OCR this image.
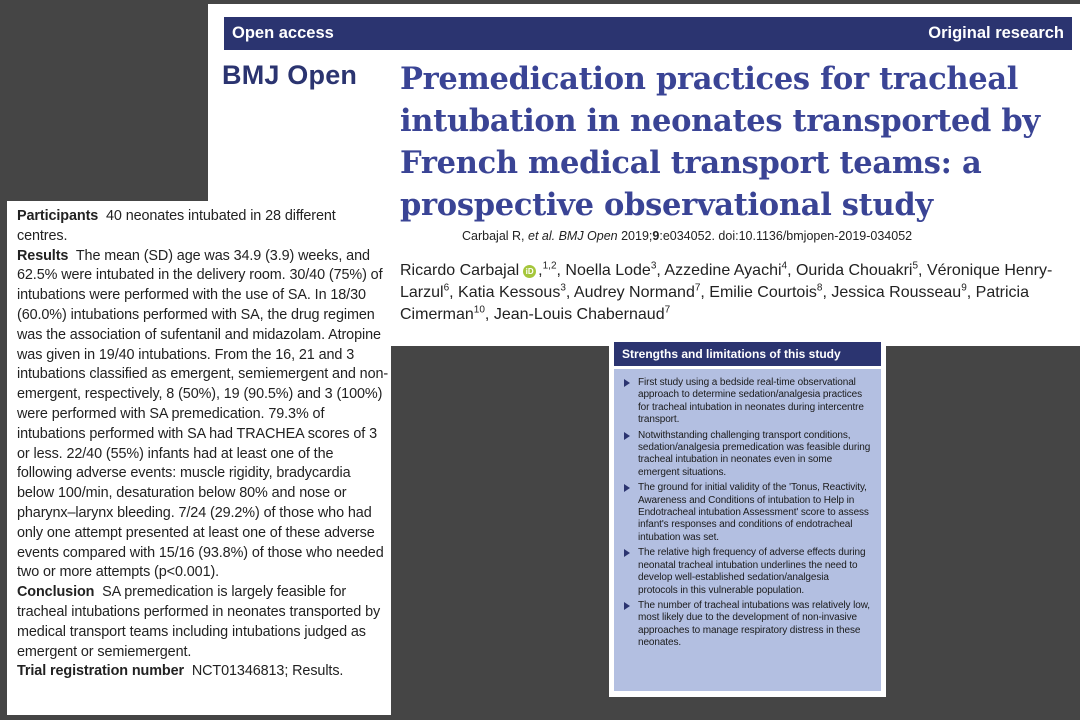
Open access	Original research
BMJ Open Premedication practices for tracheal intubation in neonates transported by French medical transport teams: a prospective observational study
Carbajal R, et al. BMJ Open 2019;9:e034052. doi:10.1136/bmjopen-2019-034052
Ricardo Carbajal iD ,$^{1,2}$, Noella Lode$^3$, Azzedine Ayachi$^4$, Ourida Chouakri$^5$, Véronique Henry-Larzul$^6$, Katia Kessous$^3$, Audrey Normand$^7$, Emilie Courtois$^8$, Jessica Rousseau$^9$, Patricia Cimerman$^{10}$, Jean-Louis Chabernaud$^7$

Participants 40 neonates intubated in 28 different centres.

Results The mean (SD) age was 34.9 (3.9) weeks, and 62.5% were intubated in the delivery room. 30/40 (75%) of intubations were performed with the use of SA. In 18/30 (60.0%) intubations performed with SA, the drug regimen was the association of sufentanil and midazolam. Atropine was given in 19/40 intubations. From the 16, 21 and 3 intubations classified as emergent, semiemergent and non-emergent, respectively, 8 (50%), 19 (90.5%) and 3 (100%) were performed with SA premedication. 79.3% of intubations performed with SA had TRACHEA scores of 3 or less. 22/40 (55%) infants had at least one of the following adverse events: muscle rigidity, bradycardia below 100/min, desaturation below 80% and nose or pharynx–larynx bleeding. 7/24 (29.2%) of those who had only one attempt presented at least one of these adverse events compared with 15/16 (93.8%) of those who needed two or more attempts (p<0.001).

Conclusion SA premedication is largely feasible for tracheal intubations performed in neonates transported by medical transport teams including intubations judged as emergent or semiemergent.

Trial registration number NCT01346813; Results.

Strengths and limitations of this study
First study using a bedside real-time observational approach to determine sedation/analgesia practices for tracheal intubation in neonates during intercentre transport.
Notwithstanding challenging transport conditions, sedation/analgesia premedication was feasible during tracheal intubation in neonates even in some emergent situations.
The ground for initial validity of the 'Tonus, Reactivity, Awareness and Conditions of intubation to Help in Endotracheal intubation Assessment' score to assess infant's responses and conditions of endotracheal intubation was set.
The relative high frequency of adverse effects during neonatal tracheal intubation underlines the need to develop well-established sedation/analgesia protocols in this vulnerable population.
The number of tracheal intubations was relatively low, most likely due to the development of non-invasive approaches to manage respiratory distress in these neonates.
